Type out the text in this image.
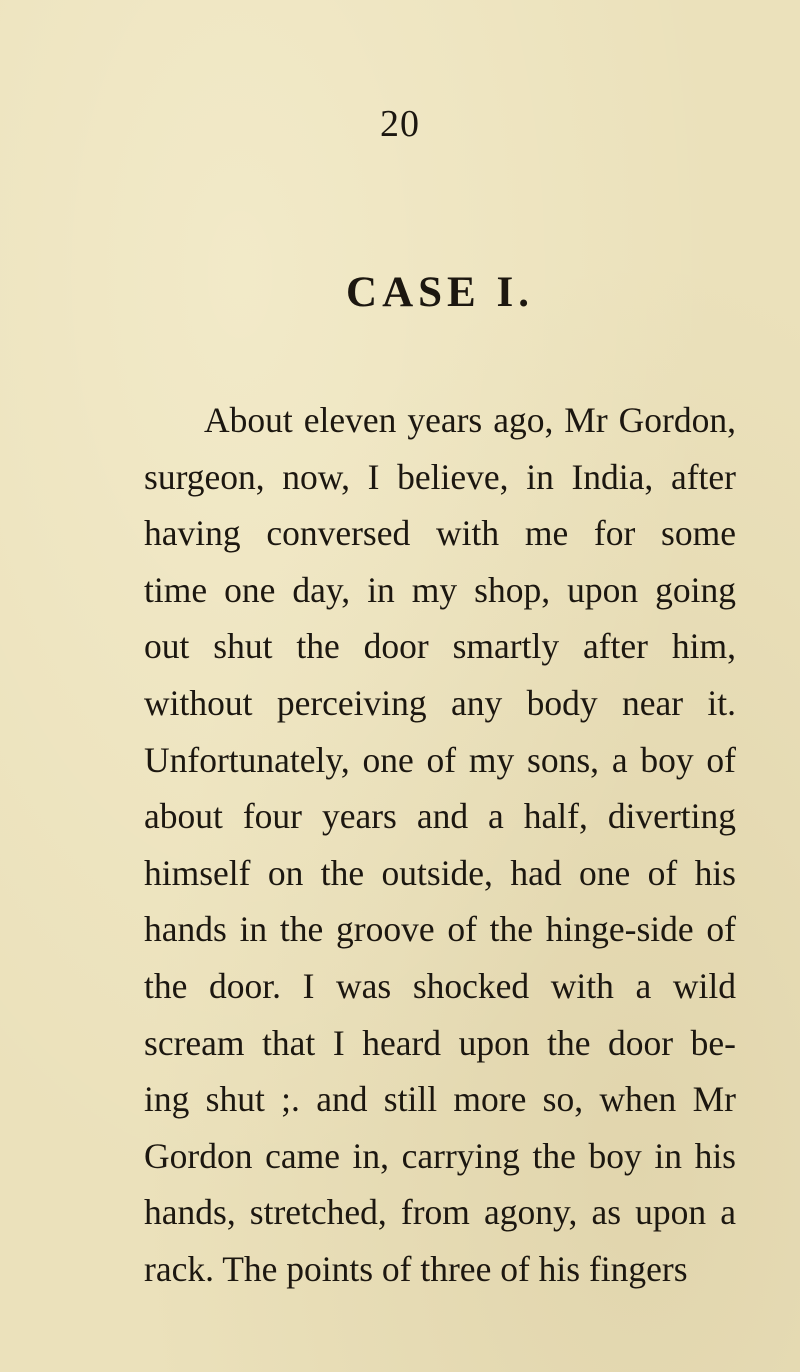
20
CASE I.
About eleven years ago, Mr Gordon,
surgeon, now, I believe, in India, after
having conversed with me for some
time one day, in my shop, upon going
out shut the door smartly after him,
without perceiving any body near it.
Unfortunately, one of my sons, a boy of
about four years and a half, diverting
himself on the outside, had one of his
hands in the groove of the hinge-side of
the door. I was shocked with a wild
scream that I heard upon the door be-
ing shut ;. and still more so, when Mr
Gordon came in, carrying the boy in his
hands, stretched, from agony, as upon a
rack. The points of three of his fingers
